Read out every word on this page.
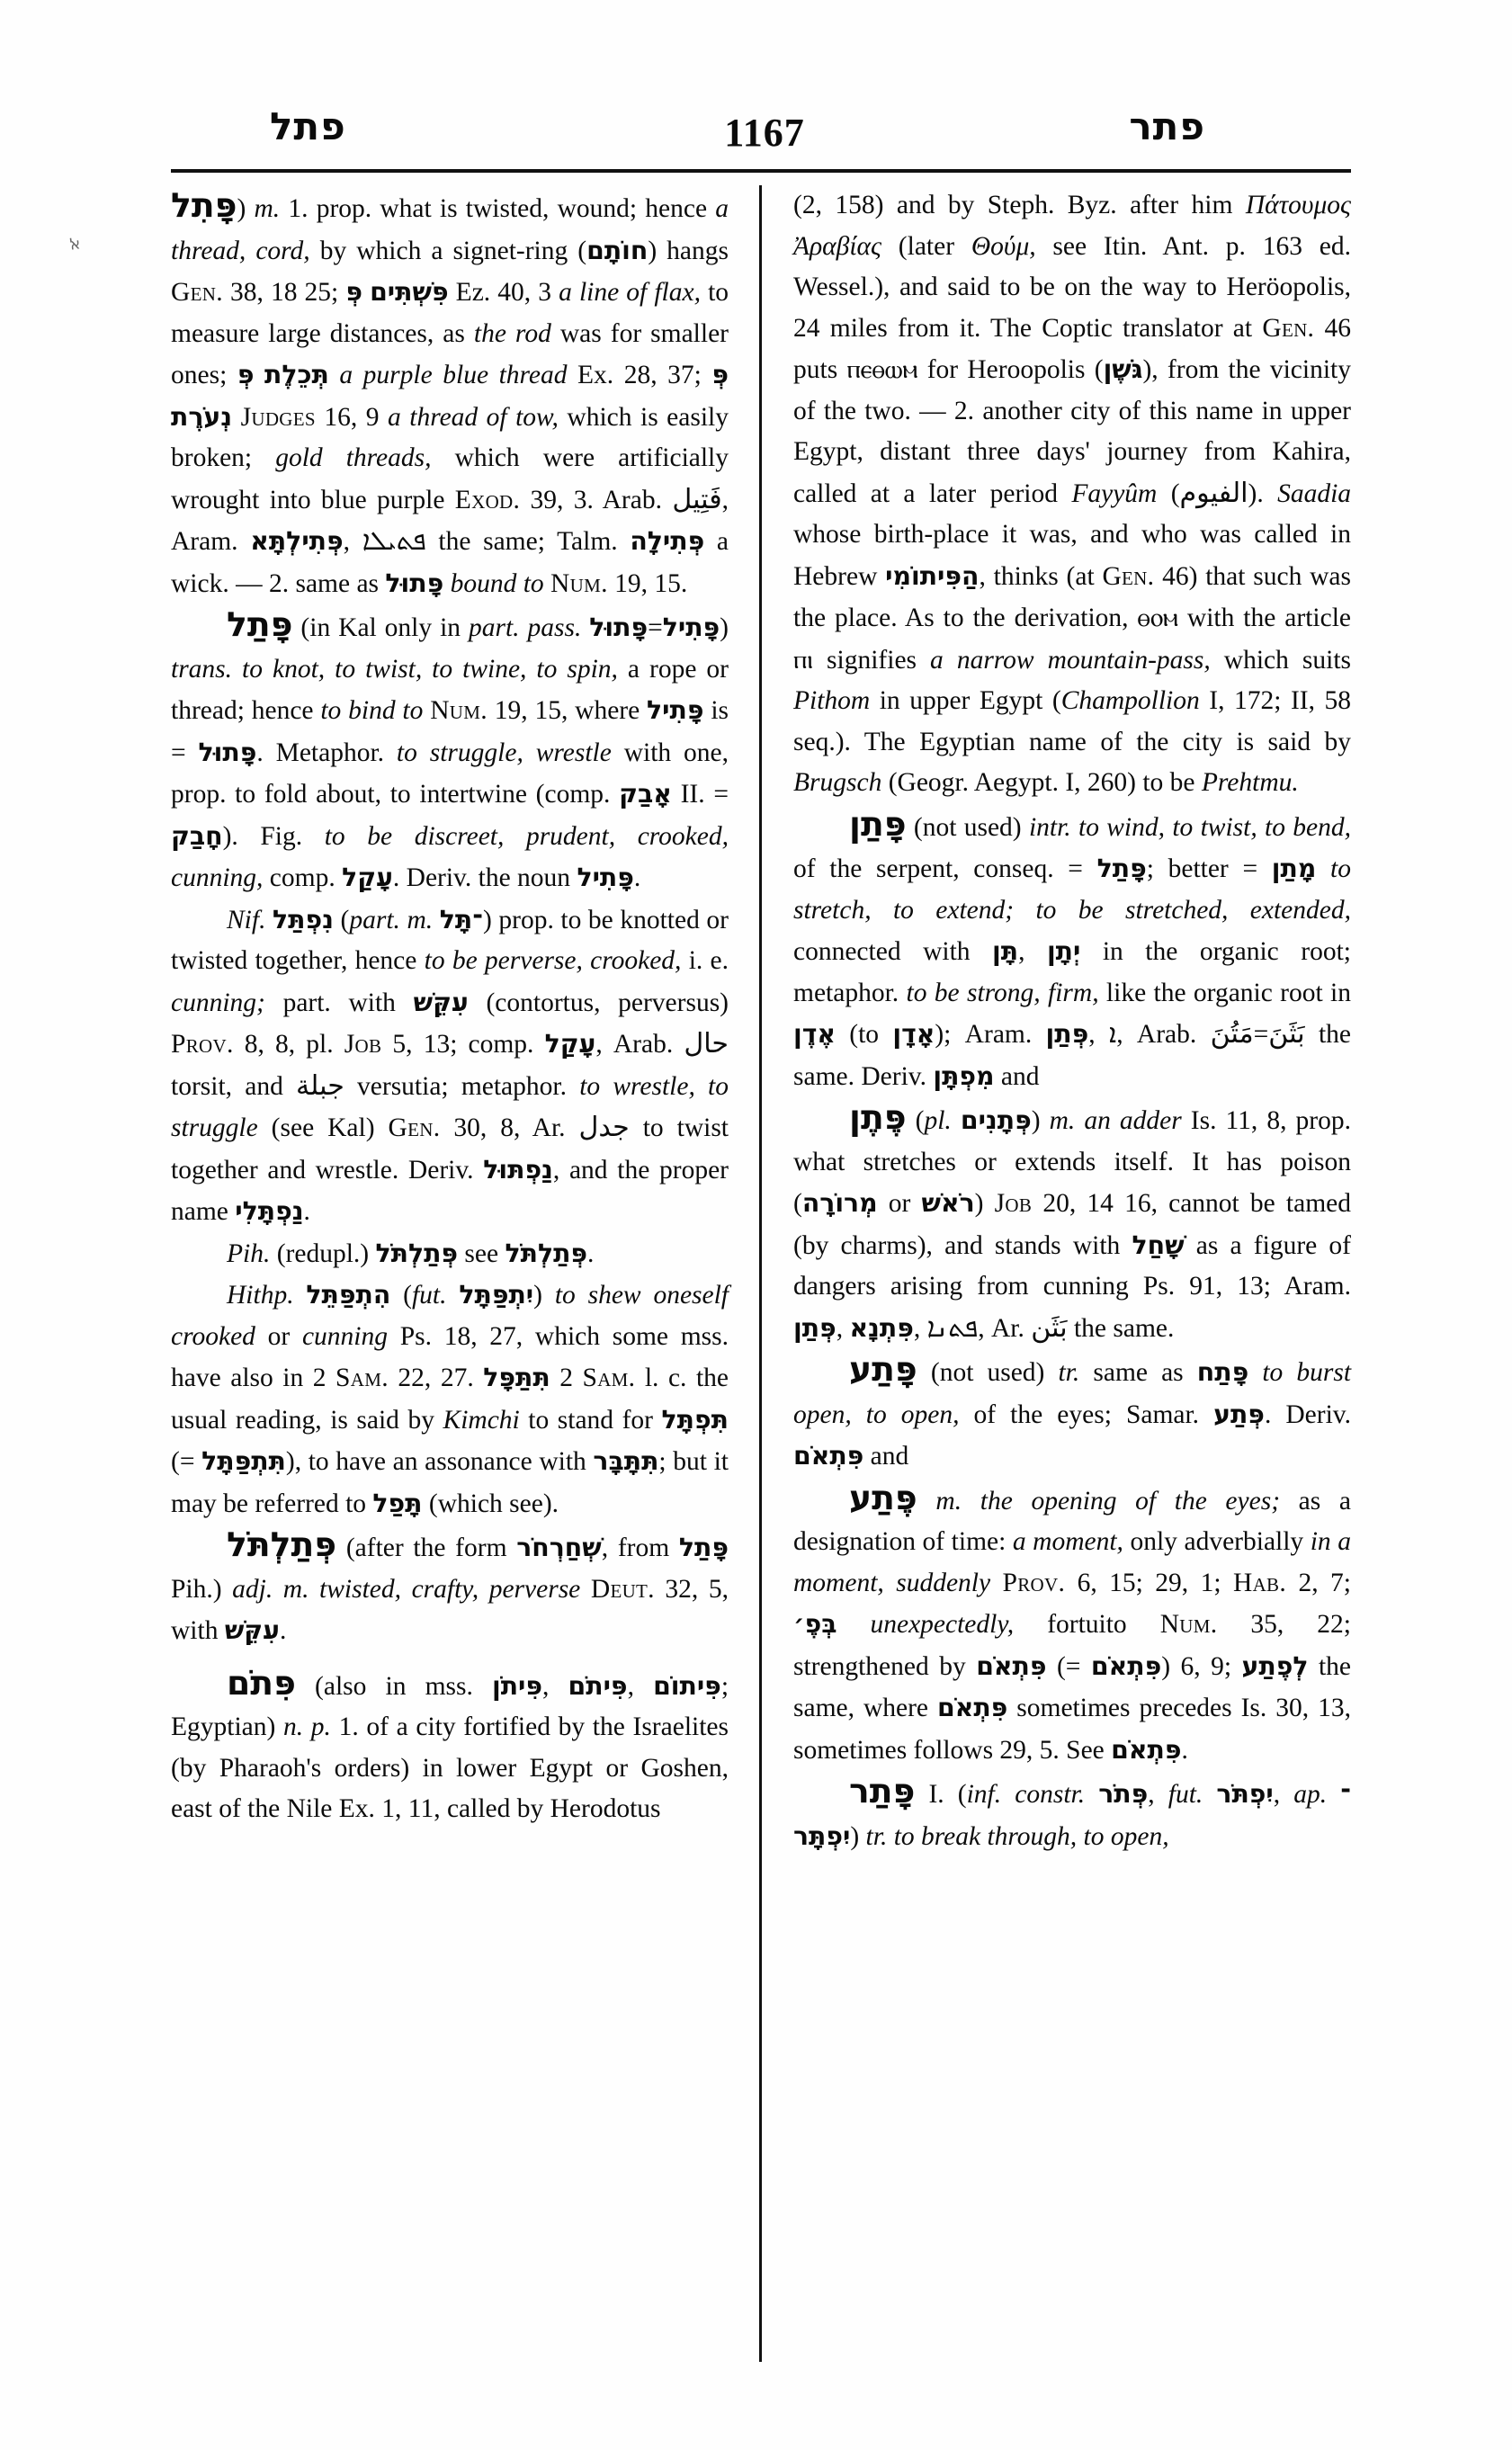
פתל	1167	פתר
ﭏ

פָּתִל) m. 1. prop. what is twisted, wound; hence a thread, cord, by which a signet-ring (חוֹתָם) hangs Gen. 38, 18 25; פְּ פִּשְׁתִּים Ez. 40, 3 a line of flax, to measure large distances, as the rod was for smaller ones; פְּ תְּכֵלֶת a purple blue thread Ex. 28, 37; פְּ נְעֹרֶת Judges 16, 9 a thread of tow, which is easily broken; gold threads, which were artificially wrought into blue purple Exod. 39, 3. Arab. فَتِيل, Aram. פְּתִילְתָּא, ܦܬܝܠܐ the same; Talm. פְּתִילָה a wick. — 2. same as פָּתוּל bound to Num. 19, 15.

פָּתַל (in Kal only in part. pass. פָּתוּל=פָּתִיל) trans. to knot, to twist, to twine, to spin, a rope or thread; hence to bind to Num. 19, 15, where פָּתִיל is = פָּתוּל. Metaphor. to struggle, wrestle with one, prop. to fold about, to intertwine (comp. אָבַק II. = חָבַק). Fig. to be discreet, prudent, crooked, cunning, comp. עָקַל. Deriv. the noun פָּתִיל.

Nif. נִפְתַּל (part. m. ־תָּל) prop. to be knotted or twisted together, hence to be perverse, crooked, i. e. cunning; part. with עִקֵּשׁ (contortus, perversus) Prov. 8, 8, pl. Job 5, 13; comp. עָקַל, Arab. حال torsit, and جبلة versutia; metaphor. to wrestle, to struggle (see Kal) Gen. 30, 8, Ar. جدل to twist together and wrestle. Deriv. נַפְתּוּל, and the proper name נַפְתָּלִי.

Pih. (redupl.) פְּתַלְתֹּל see פְּתַלְתֹּל.

Hithp. הִתְפַּתֵּל (fut. יִתְפַּתָּל) to shew oneself crooked or cunning Ps. 18, 27, which some mss. have also in 2 Sam. 22, 27. תִּתַּפָּל 2 Sam. l. c. the usual reading, is said by Kimchi to stand for תִּפְתָּל (= תִּתְפַּתָּל), to have an assonance with תִּתָּבָּר; but it may be referred to תָּפַל (which see).

פְּתַלְתֹּל (after the form שְׁחַרְחֹר, from פָּתַל Pih.) adj. m. twisted, crafty, perverse Deut. 32, 5, with עִקֵּשׁ.

פִּתֹם (also in mss. פִּיתֹן, פִּיתֹם, פִּיתוֹם; Egyptian) n. p. 1. of a city fortified by the Israelites (by Pharaoh's orders) in lower Egypt or Goshen, east of the Nile Ex. 1, 11, called by Herodotus

(2, 158) and by Steph. Byz. after him Πάτουμος Ἀραβίας (later Θούμ, see Itin. Ant. p. 163 ed. Wessel.), and said to be on the way to Heröopolis, 24 miles from it. The Coptic translator at Gen. 46 puts ⲡⲉⲑⲱⲙ for Heroopolis (גֹּשֶׁן), from the vicinity of the two. — 2. another city of this name in upper Egypt, distant three days' journey from Kahira, called at a later period Fayyûm (الفيوم). Saadia whose birth-place it was, and who was called in Hebrew הַפִּיתוֹמִי, thinks (at Gen. 46) that such was the place. As to the derivation, ⲑⲟⲙ with the article ⲡⲓ signifies a narrow mountain-pass, which suits Pithom in upper Egypt (Champollion I, 172; II, 58 seq.). The Egyptian name of the city is said by Brugsch (Geogr. Aegypt. I, 260) to be Prehtmu.

פָּתַן (not used) intr. to wind, to twist, to bend, of the serpent, conseq. = פָּתַל; better = מָתַן to stretch, to extend; to be stretched, extended, connected with תָּן, יְתָן in the organic root; metaphor. to be strong, firm, like the organic root in אֶדֶן (to אָדָן); Aram. פְּתַן, ܐ, Arab. مَتُنَ=بَثَنَ the same. Deriv. מִפְתָּן and

פֶּתֶן (pl. פְּתָנִים) m. an adder Is. 11, 8, prop. what stretches or extends itself. It has poison (מְרוֹרָה or רֹאשׁ) Job 20, 14 16, cannot be tamed (by charms), and stands with שָׁחַל as a figure of dangers arising from cunning Ps. 91, 13; Aram. פְּתַן, פִּתְנָא, ܦܬܢܐ, Ar. بَثَن the same.

פָּתַע (not used) tr. same as פָּתַח to burst open, to open, of the eyes; Samar. פְּתַע. Deriv. פִּתְאֹם and

פֶּתַע m. the opening of the eyes; as a designation of time: a moment, only adverbially in a moment, suddenly Prov. 6, 15; 29, 1; Hab. 2, 7; בְּפֶ׳ unexpectedly, fortuito Num. 35, 22; strengthened by פִּתְאֹם (= פִּתְאֹם) 6, 9; לְפֶתַע the same, where פִּתְאֹם sometimes precedes Is. 30, 13, sometimes follows 29, 5. See פִּתְאֹם.

פָּתַר I. (inf. constr. פְּתֹר, fut. יִפְתֹּר, ap. ־יִפְתָּר) tr. to break through, to open,
